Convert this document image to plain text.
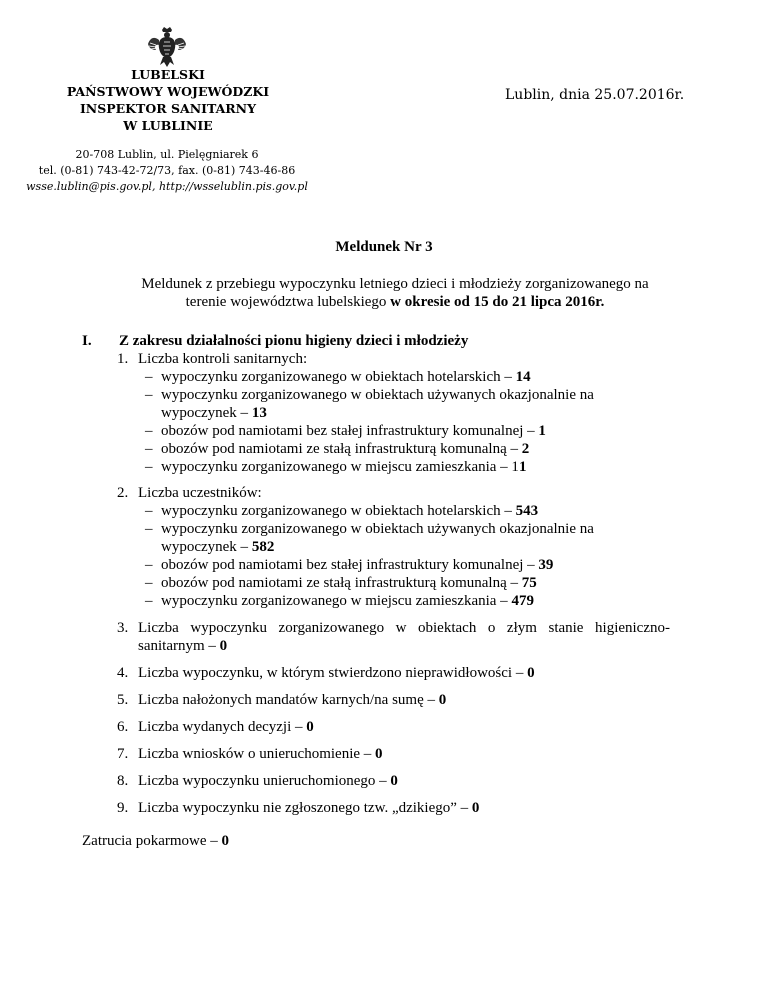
LUBELSKI
PAŃSTWOWY WOJEWÓDZKI
INSPEKTOR SANITARNY
W LUBLINIE
Lublin, dnia 25.07.2016r.
20-708 Lublin, ul. Pielęgniarek 6
tel. (0-81) 743-42-72/73, fax. (0-81) 743-46-86
wsse.lublin@pis.gov.pl, http://wsselublin.pis.gov.pl
Meldunek Nr 3
Meldunek z przebiegu wypoczynku letniego dzieci i młodzieży zorganizowanego na
terenie województwa lubelskiego w okresie od 15 do 21 lipca 2016r.
I. Z zakresu działalności pionu higieny dzieci i młodzieży
1. Liczba kontroli sanitarnych:
– wypoczynku zorganizowanego w obiektach hotelarskich – 14
– wypoczynku zorganizowanego w obiektach używanych okazjonalnie na
wypoczynek – 13
– obozów pod namiotami bez stałej infrastruktury komunalnej – 1
– obozów pod namiotami ze stałą infrastrukturą komunalną – 2
– wypoczynku zorganizowanego w miejscu zamieszkania – 11
2. Liczba uczestników:
– wypoczynku zorganizowanego w obiektach hotelarskich – 543
– wypoczynku zorganizowanego w obiektach używanych okazjonalnie na
wypoczynek – 582
– obozów pod namiotami bez stałej infrastruktury komunalnej – 39
– obozów pod namiotami ze stałą infrastrukturą komunalną – 75
– wypoczynku zorganizowanego w miejscu zamieszkania – 479
3. Liczba wypoczynku zorganizowanego w obiektach o złym stanie higieniczno-
sanitarnym – 0
4. Liczba wypoczynku, w którym stwierdzono nieprawidłowości – 0
5. Liczba nałożonych mandatów karnych/na sumę – 0
6. Liczba wydanych decyzji – 0
7. Liczba wniosków o unieruchomienie – 0
8. Liczba wypoczynku unieruchomionego – 0
9. Liczba wypoczynku nie zgłoszonego tzw. „dzikiego” – 0
Zatrucia pokarmowe – 0
